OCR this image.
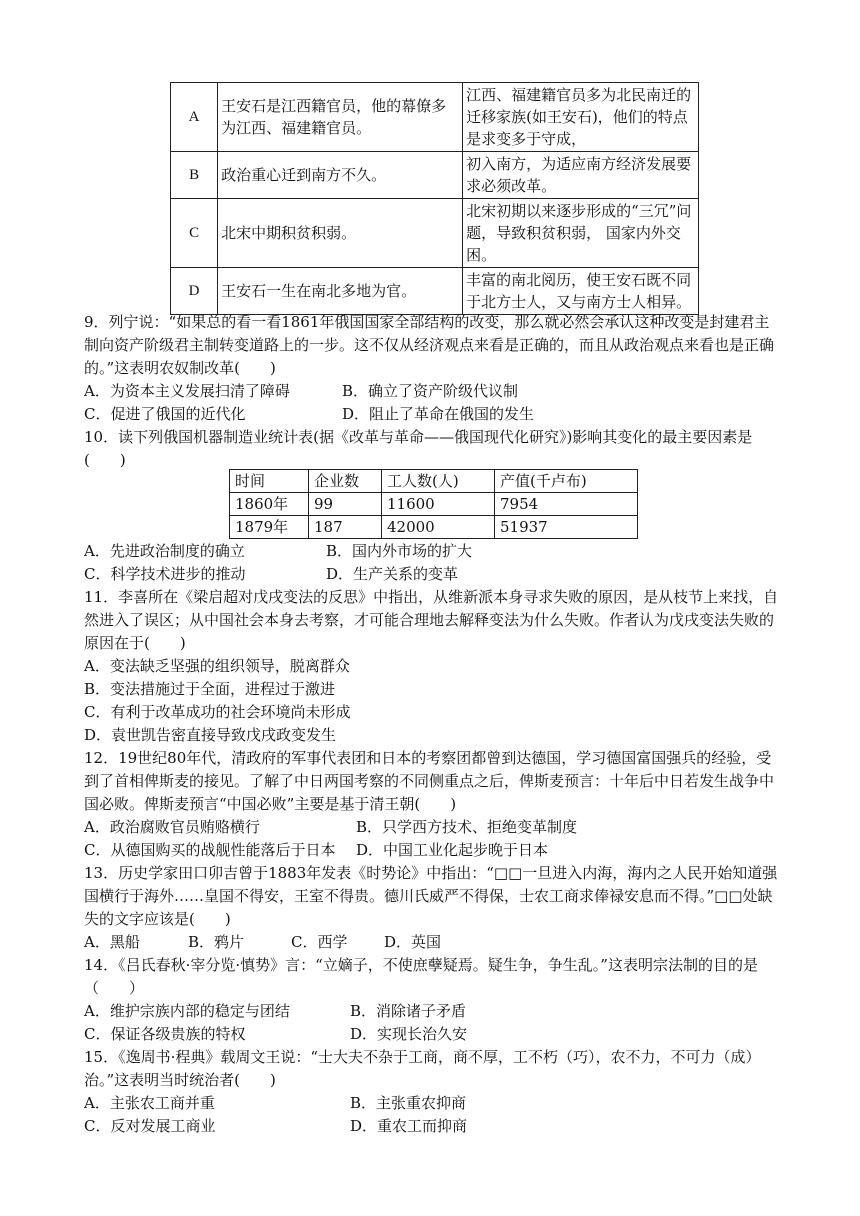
A	王安石是江西籍官员，他的幕僚多为江西、福建籍官员。	江西、福建籍官员多为北民南迁的迁移家族(如王安石)，他们的特点是求变多于守成，
B	政治重心迁到南方不久。	初入南方，为适应南方经济发展要求必须改革。
C	北宋中期积贫积弱。	北宋初期以来逐步形成的“三冗”问题，导致积贫积弱， 国家内外交困。
D	王安石一生在南北多地为官。	丰富的南北阅历，使王安石既不同于北方士人，又与南方士人相异。

9．列宁说：“如果总的看一看1861年俄国国家全部结构的改变，那么就必然会承认这种改变是封建君主制向资产阶级君主制转变道路上的一步。这不仅从经济观点来看是正确的，而且从政治观点来看也是正确的。”这表明农奴制改革(　　)

A．为资本主义发展扫清了障碍	B．确立了资产阶级代议制
C．促进了俄国的近代化	D．阻止了革命在俄国的发生

10．读下列俄国机器制造业统计表(据《改革与革命——俄国现代化研究》)影响其变化的最主要因素是(　　)

时间	企业数	工人数(人)	产值(千卢布)
1860年	99	11600	7954
1879年	187	42000	51937
A．先进政治制度的确立	B．国内外市场的扩大
C．科学技术进步的推动	D．生产关系的变革

11．李喜所在《梁启超对戊戌变法的反思》中指出，从维新派本身寻求失败的原因，是从枝节上来找，自然进入了误区；从中国社会本身去考察，才可能合理地去解释变法为什么失败。作者认为戊戌变法失败的原因在于(　　)

A．变法缺乏坚强的组织领导，脱离群众
B．变法措施过于全面，进程过于激进
C．有利于改革成功的社会环境尚未形成
D．袁世凯告密直接导致戊戌政变发生

12．19世纪80年代，清政府的军事代表团和日本的考察团都曾到达德国，学习德国富国强兵的经验，受到了首相俾斯麦的接见。了解了中日两国考察的不同侧重点之后，俾斯麦预言：十年后中日若发生战争中国必败。俾斯麦预言“中国必败”主要是基于清王朝(　　)

A．政治腐败官员贿赂横行	B．只学西方技术、拒绝变革制度
C．从德国购买的战舰性能落后于日本 D．中国工业化起步晚于日本

13．历史学家田口卯吉曾于1883年发表《时势论》中指出：“□□一旦进入内海，海内之人民开始知道强国横行于海外……皇国不得安，王室不得贵。德川氏威严不得保，士农工商求俸禄安息而不得。”□□处缺失的文字应该是(　　)

A．黑船	B．鸦片	C．西学 D．英国

14．《吕氏春秋·宰分览·慎势》言：“立嫡子，不使庶孽疑焉。疑生争，争生乱。”这表明宗法制的目的是（　　）

A．维护宗族内部的稳定与团结	B．消除诸子矛盾
C．保证各级贵族的特权	D．实现长治久安

15．《逸周书·程典》载周文王说：“士大夫不杂于工商，商不厚，工不朽（巧），农不力，不可力（成）治。”这表明当时统治者(　　)

A．主张农工商并重	B．主张重农抑商
C．反对发展工商业	D．重农工而抑商
